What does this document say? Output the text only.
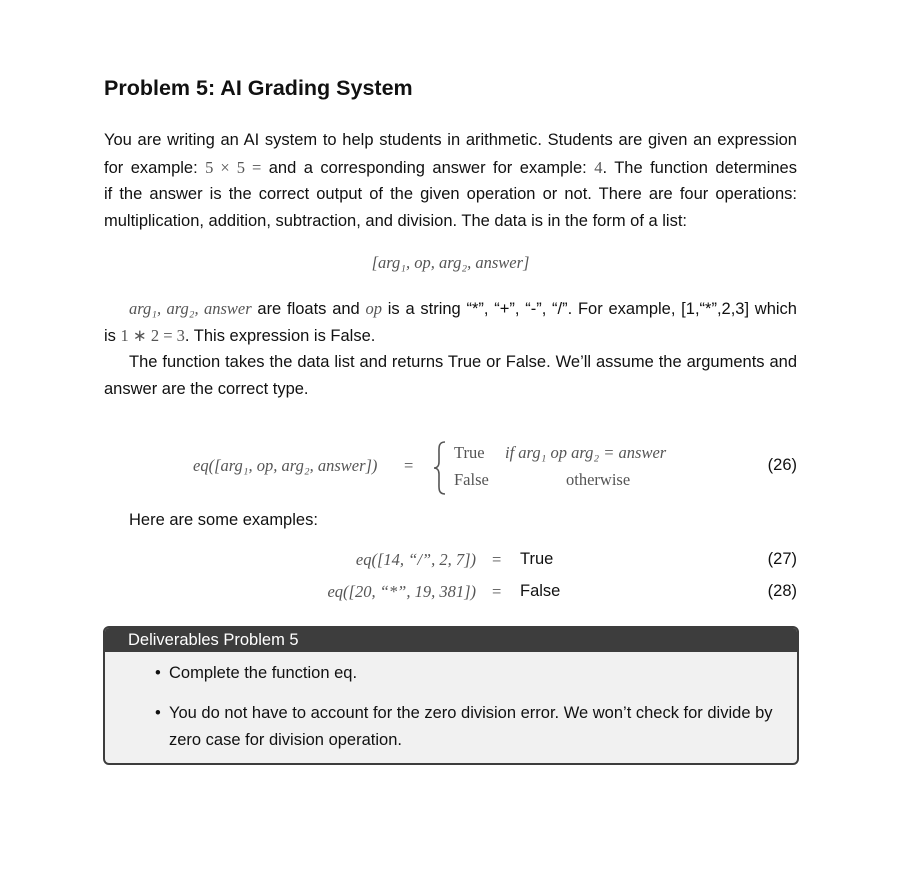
Problem 5: AI Grading System
You are writing an AI system to help students in arithmetic. Students are given an expression
for example: 5 × 5 = and a corresponding answer for example: 4. The function determines
if the answer is the correct output of the given operation or not. There are four operations:
multiplication, addition, subtraction, and division. The data is in the form of a list:
[arg₁, op, arg₂, answer]
arg₁, arg₂, answer are floats and op is a string “*”, “+”, “-”, “/”. For example, [1,“*”,2,3] which
is 1 ∗ 2 = 3. This expression is False.
The function takes the data list and returns True or False. We’ll assume the arguments and
answer are the correct type.
eq([arg₁, op, arg₂, answer]) =
True if arg₁ op arg₂ = answer
False	otherwise
(26)
Here are some examples:
eq([14, “/”, 2, 7]) = True	(27)
eq([20, “*”, 19, 381]) = False	(28)
Deliverables Problem 5
• Complete the function eq.
• You do not have to account for the zero division error. We won’t check for divide by
zero case for division operation.
